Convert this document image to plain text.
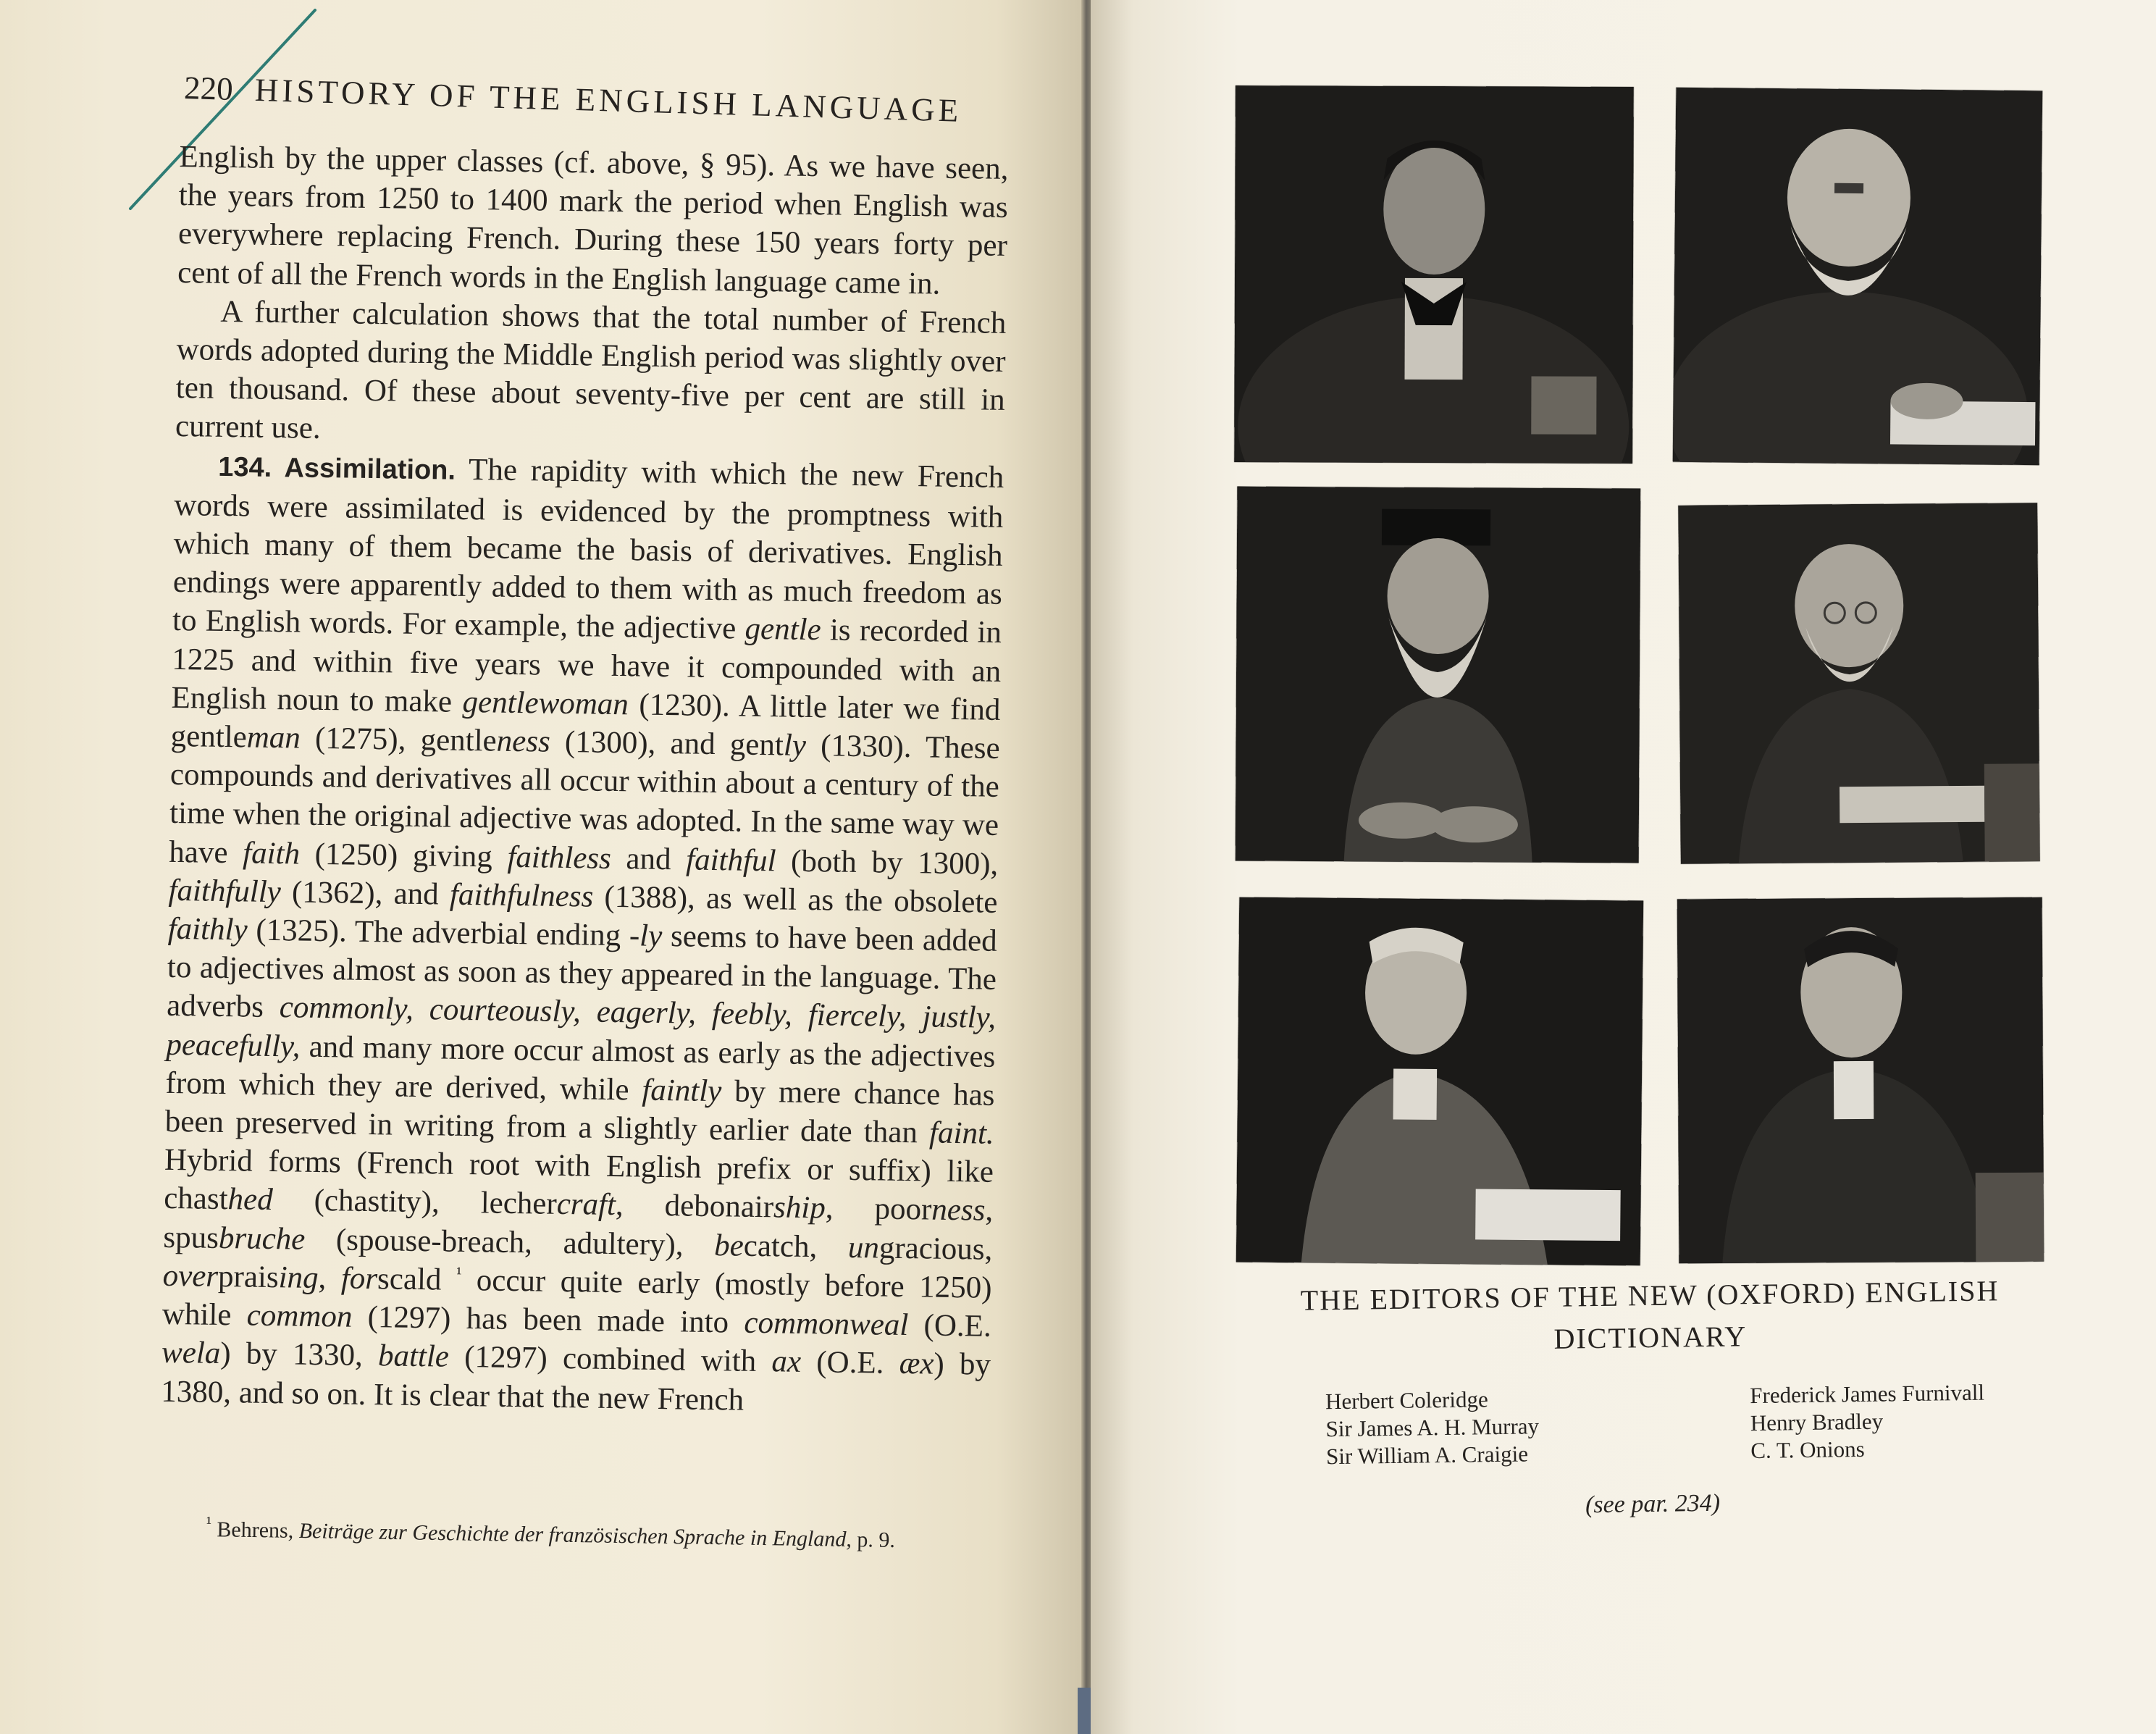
220 HISTORY OF THE ENGLISH LANGUAGE

English by the upper classes (cf. above, § 95). As we have seen, the years from 1250 to 1400 mark the period when English was everywhere replacing French. During these 150 years forty per cent of all the French words in the English language came in.

A further calculation shows that the total number of French words adopted during the Middle English period was slightly over ten thousand. Of these about seventy-five per cent are still in current use.

134. Assimilation. The rapidity with which the new French words were assimilated is evidenced by the promptness with which many of them became the basis of derivatives. English endings were apparently added to them with as much freedom as to English words. For example, the adjective gentle is recorded in 1225 and within five years we have it compounded with an English noun to make gentlewoman (1230). A little later we find gentleman (1275), gentleness (1300), and gently (1330). These compounds and derivatives all occur within about a century of the time when the original adjective was adopted. In the same way we have faith (1250) giving faithless and faithful (both by 1300), faithfully (1362), and faithfulness (1388), as well as the obsolete faithly (1325). The adverbial ending -ly seems to have been added to adjectives almost as soon as they appeared in the language. The adverbs commonly, courteously, eagerly, feebly, fiercely, justly, peacefully, and many more occur almost as early as the adjectives from which they are derived, while faintly by mere chance has been preserved in writing from a slightly earlier date than faint. Hybrid forms (French root with English prefix or suffix) like chasthed (chastity), lechercraft, debonairship, poorness, spusbruche (spouse-breach, adultery), becatch, ungracious, overpraising, forscald $^{^1}$ occur quite early (mostly before 1250) while common (1297) has been made into commonweal (O.E. wela) by 1330, battle (1297) combined with ax (O.E. æx) by 1380, and so on. It is clear that the new French

$^{^1}$ Behrens, Beiträge zur Geschichte der französischen Sprache in England, p. 9.
THE EDITORS OF THE NEW (OXFORD) ENGLISH DICTIONARY
Herbert Coleridge
Sir James A. H. Murray
Sir William A. Craigie
Frederick James Furnivall
Henry Bradley
C. T. Onions
(see par. 234)
